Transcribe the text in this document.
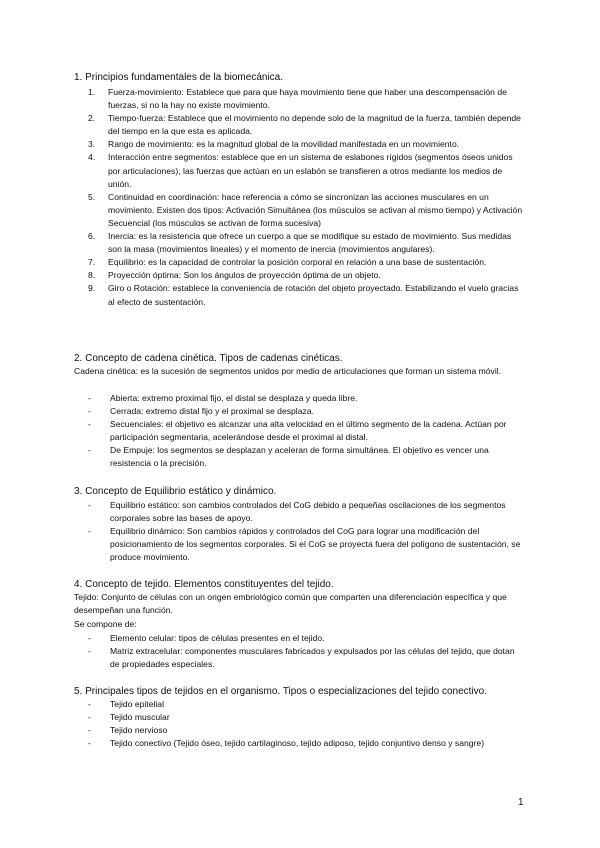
1. Principios fundamentales de la biomecánica.
1. Fuerza-movimiento: Establece que para que haya movimiento tiene que haber una descompensación de fuerzas, si no la hay no existe movimiento.
2. Tiempo-fuerza: Establece que el movimiento no depende solo de la magnitud de la fuerza, también depende del tiempo en la que esta es aplicada.
3. Rango de movimiento: es la magnitud global de la movilidad manifestada en un movimiento.
4. Interacción entre segmentos: establece que en un sistema de eslabones rígidos (segmentos óseos unidos por articulaciones), las fuerzas que actúan en un eslabón se transfieren a otros mediante los medios de unión.
5. Continuidad en coordinación: hace referencia a cómo se sincronizan las acciones musculares en un movimiento. Existen dos tipos: Activación Simultánea (los músculos se activan al mismo tiempo) y Activación Secuencial (los músculos se activan de forma sucesiva)
6. Inercia: es la resistencia que ofrece un cuerpo a que se modifique su estado de movimiento. Sus medidas son la masa (movimientos lineales) y el momento de inercia (movimientos angulares).
7. Equilibrio: es la capacidad de controlar la posición corporal en relación a una base de sustentación.
8. Proyección óptima: Son los ángulos de proyección óptima de un objeto.
9. Giro o Rotación: establece la conveniencia de rotación del objeto proyectado. Estabilizando el vuelo gracias al efecto de sustentación.
2. Concepto de cadena cinética. Tipos de cadenas cinéticas.
Cadena cinética: es la sucesión de segmentos unidos por medio de articulaciones que forman un sistema móvil.
- Abierta: extremo proximal fijo, el distal se desplaza y queda libre.
- Cerrada: extremo distal fijo y el proximal se desplaza.
- Secuenciales: el objetivo es alcanzar una alta velocidad en el último segmento de la cadena. Actúan por participación segmentaria, acelerándose desde el proximal al distal.
- De Empuje: los segmentos se desplazan y aceleran de forma simultánea. El objetivo es vencer una resistencia o la precisión.
3. Concepto de Equilibrio estático y dinámico.
- Equilibrio estático: son cambios controlados del CoG debido a pequeñas oscilaciones de los segmentos corporales sobre las bases de apoyo.
- Equilibrio dinámico: Son cambios rápidos y controlados del CoG para lograr una modificación del posicionamiento de los segmentos corporales. Si el CoG se proyecta fuera del polígono de sustentación, se produce movimiento.
4. Concepto de tejido. Elementos constituyentes del tejido.
Tejido: Conjunto de células con un origen embriológico común que comparten una diferenciación específica y que desempeñan una función.
Se compone de:
- Elemento celular: tipos de células presentes en el tejido.
- Matriz extracelular: componentes musculares fabricados y expulsados por las células del tejido, que dotan de propiedades especiales.
5. Principales tipos de tejidos en el organismo. Tipos o especializaciones del tejido conectivo.
- Tejido epitelial
- Tejido muscular
- Tejido nervioso
- Tejido conectivo (Tejido óseo, tejido cartilaginoso, tejido adiposo, tejido conjuntivo denso y sangre)
1
